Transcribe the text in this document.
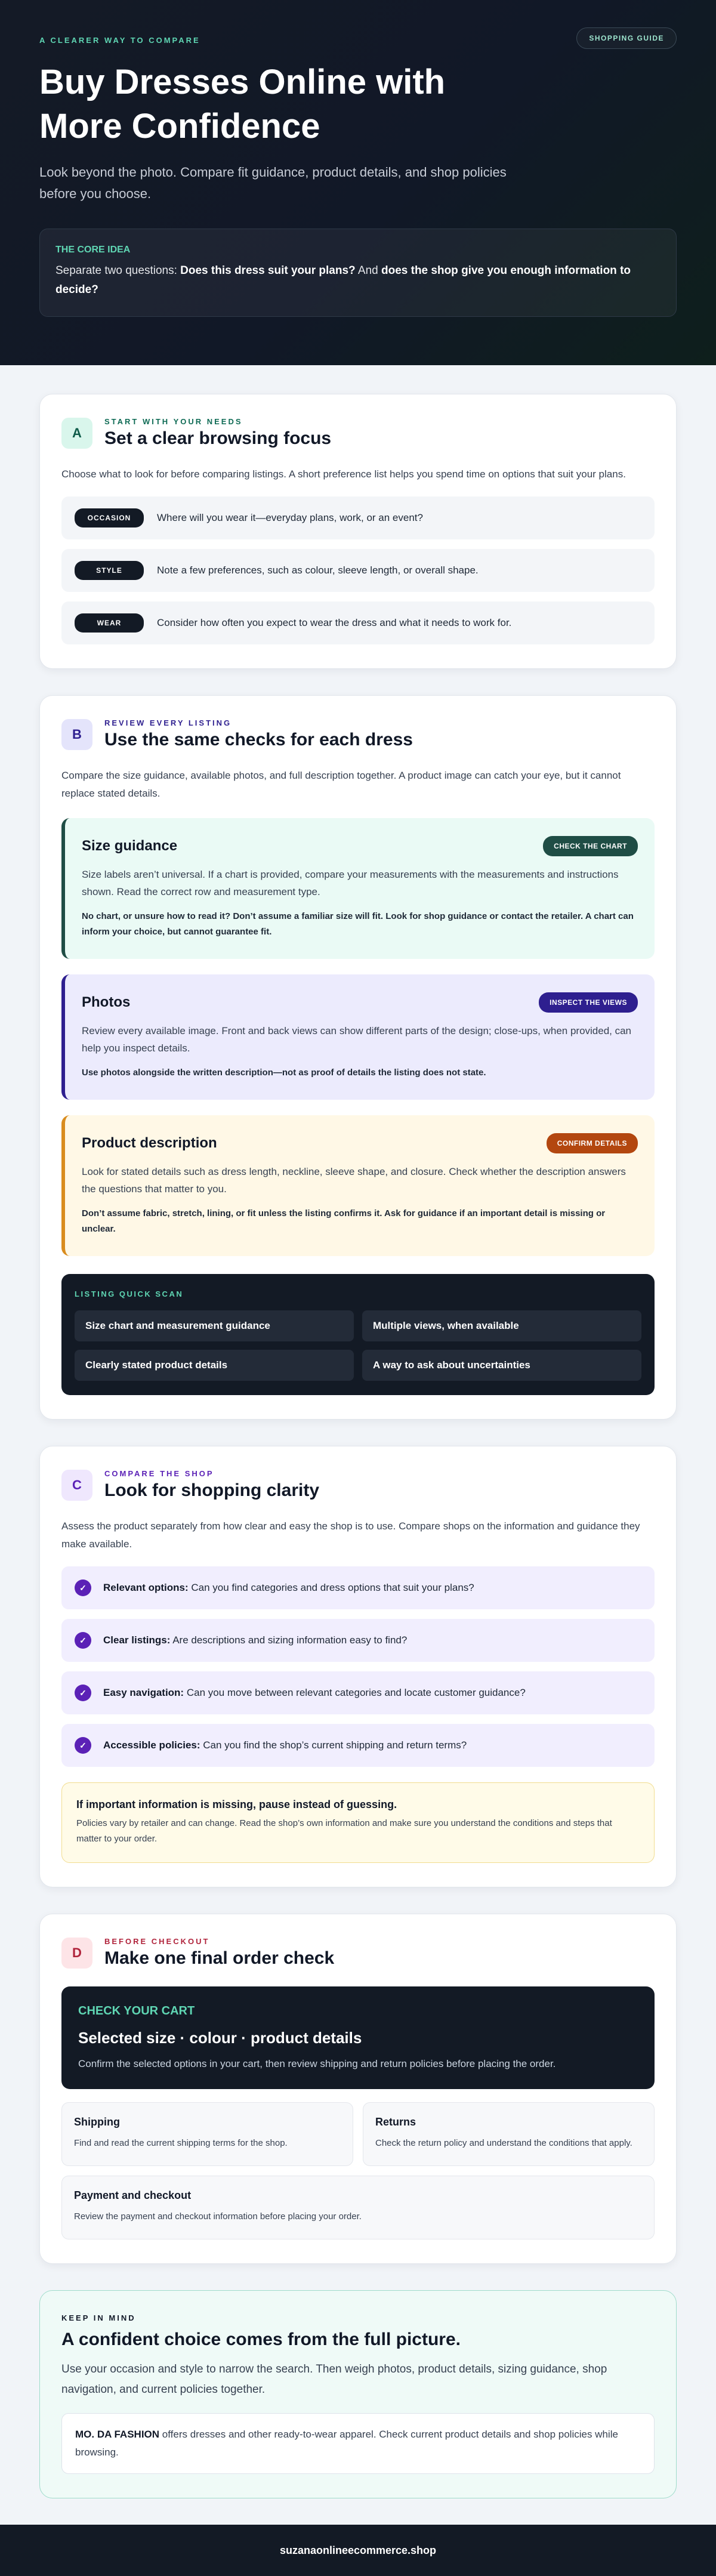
A CLEARER WAY TO COMPARE	SHOPPING GUIDE
Buy Dresses Online with More Confidence

Look beyond the photo. Compare fit guidance, product details, and shop policies before you choose.

THE CORE IDEA

Separate two questions: Does this dress suit your plans? And does the shop give you enough information to decide?

A
START WITH YOUR NEEDS
Set a clear browsing focus

Choose what to look for before comparing listings. A short preference list helps you spend time on options that suit your plans.

OCCASION	Where will you wear it—everyday plans, work, or an event?
STYLE	Note a few preferences, such as colour, sleeve length, or overall shape.
WEAR	Consider how often you expect to wear the dress and what it needs to work for.
B
REVIEW EVERY LISTING
Use the same checks for each dress

Compare the size guidance, available photos, and full description together. A product image can catch your eye, but it cannot replace stated details.

Size guidance	CHECK THE CHART

Size labels aren’t universal. If a chart is provided, compare your measurements with the measurements and instructions shown. Read the correct row and measurement type.

No chart, or unsure how to read it? Don’t assume a familiar size will fit. Look for shop guidance or contact the retailer. A chart can inform your choice, but cannot guarantee fit.

Photos	INSPECT THE VIEWS

Review every available image. Front and back views can show different parts of the design; close-ups, when provided, can help you inspect details.

Use photos alongside the written description—not as proof of details the listing does not state.

Product description	CONFIRM DETAILS

Look for stated details such as dress length, neckline, sleeve shape, and closure. Check whether the description answers the questions that matter to you.

Don’t assume fabric, stretch, lining, or fit unless the listing confirms it. Ask for guidance if an important detail is missing or unclear.

LISTING QUICK SCAN
Size chart and measurement guidance	Multiple views, when available
Clearly stated product details	A way to ask about uncertainties
C
COMPARE THE SHOP
Look for shopping clarity

Assess the product separately from how clear and easy the shop is to use. Compare shops on the information and guidance they make available.

✓	Relevant options: Can you find categories and dress options that suit your plans?
✓	Clear listings: Are descriptions and sizing information easy to find?
✓	Easy navigation: Can you move between relevant categories and locate customer guidance?
✓	Accessible policies: Can you find the shop’s current shipping and return terms?
If important information is missing, pause instead of guessing.

Policies vary by retailer and can change. Read the shop’s own information and make sure you understand the conditions and steps that matter to your order.

D
BEFORE CHECKOUT
Make one final order check
CHECK YOUR CART
Selected size · colour · product details

Confirm the selected options in your cart, then review shipping and return policies before placing the order.

Shipping

Find and read the current shipping terms for the shop.

Returns

Check the return policy and understand the conditions that apply.

Payment and checkout

Review the payment and checkout information before placing your order.

KEEP IN MIND
A confident choice comes from the full picture.

Use your occasion and style to narrow the search. Then weigh photos, product details, sizing guidance, shop navigation, and current policies together.

MO. DA FASHION offers dresses and other ready-to-wear apparel. Check current product details and shop policies while browsing.
suzanaonlineecommerce.shop
